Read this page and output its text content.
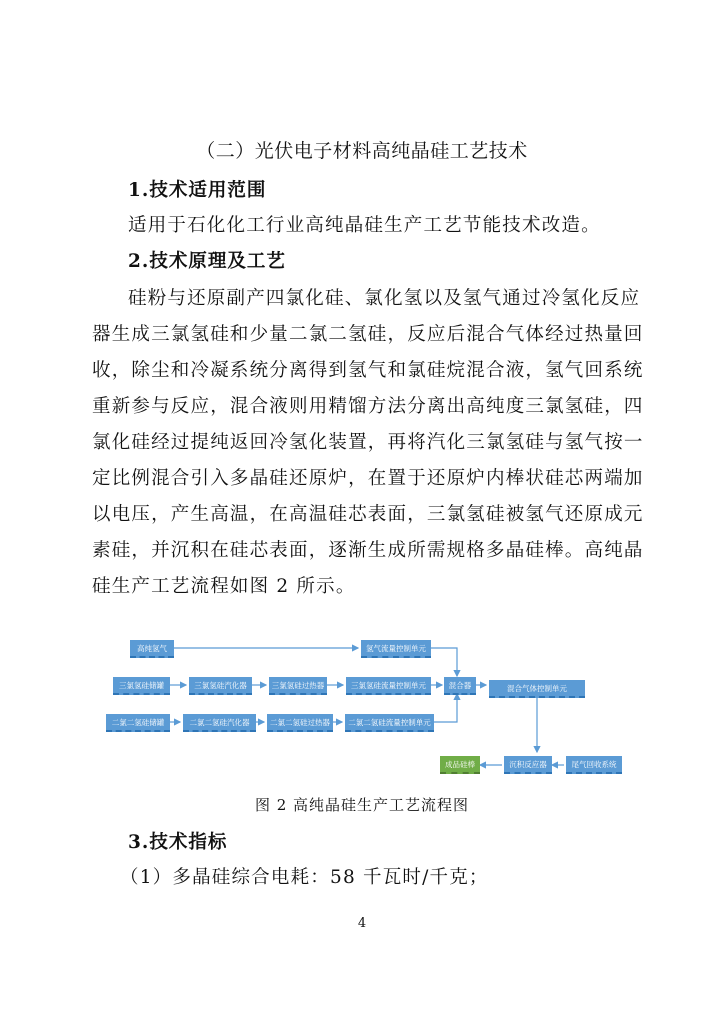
（二）光伏电子材料高纯晶硅工艺技术
1.技术适用范围
适用于石化化工行业高纯晶硅生产工艺节能技术改造。
2.技术原理及工艺
硅粉与还原副产四氯化硅、氯化氢以及氢气通过冷氢化反应
器生成三氯氢硅和少量二氯二氢硅，反应后混合气体经过热量回
收，除尘和冷凝系统分离得到氢气和氯硅烷混合液，氢气回系统
重新参与反应，混合液则用精馏方法分离出高纯度三氯氢硅，四
氯化硅经过提纯返回冷氢化装置，再将汽化三氯氢硅与氢气按一
定比例混合引入多晶硅还原炉，在置于还原炉内棒状硅芯两端加
以电压，产生高温，在高温硅芯表面，三氯氢硅被氢气还原成元
素硅，并沉积在硅芯表面，逐渐生成所需规格多晶硅棒。高纯晶
硅生产工艺流程如图 2 所示。
高纯氢气	氢气流量控制单元
三氯氢硅储罐	三氯氢硅汽化器	三氯氢硅过热器	三氯氢硅流量控制单元	混合器	混合气体控制单元
二氯二氢硅储罐	二氯二氢硅汽化器	二氯二氢硅过热器	二氯二氢硅流量控制单元
成品硅棒	沉积反应器	尾气回收系统
图 2 高纯晶硅生产工艺流程图
3.技术指标
（1）多晶硅综合电耗：58 千瓦时/千克；
4
